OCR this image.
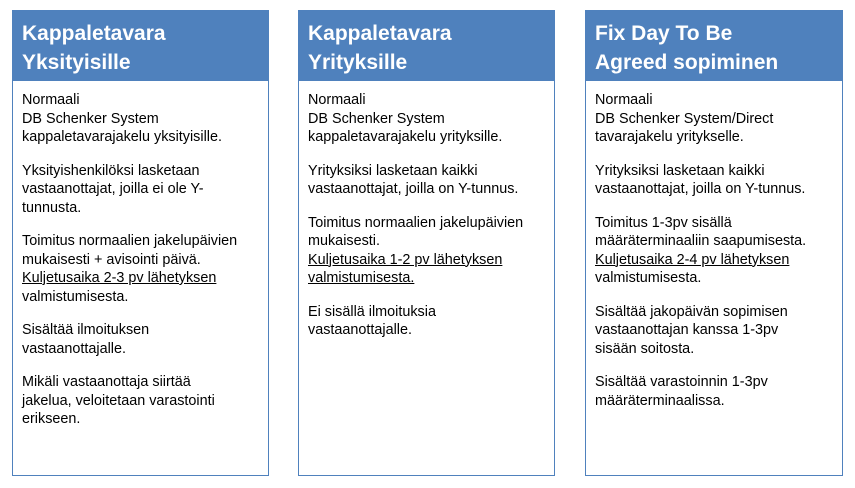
Kappaletavara
Yksityisille

Normaali
DB Schenker System
kappaletavarajakelu yksityisille.

Yksityishenkilöksi lasketaan
vastaanottajat, joilla ei ole Y-
tunnusta.

Toimitus normaalien jakelupäivien
mukaisesti + avisointi päivä.
Kuljetusaika 2-3 pv lähetyksen
valmistumisesta.

Sisältää ilmoituksen
vastaanottajalle.

Mikäli vastaanottaja siirtää
jakelua, veloitetaan varastointi
erikseen.

Kappaletavara
Yrityksille

Normaali
DB Schenker System
kappaletavarajakelu yrityksille.

Yrityksiksi lasketaan kaikki
vastaanottajat, joilla on Y-tunnus.

Toimitus normaalien jakelupäivien
mukaisesti.
Kuljetusaika 1-2 pv lähetyksen
valmistumisesta.

Ei sisällä ilmoituksia
vastaanottajalle.

Fix Day To Be
Agreed sopiminen

Normaali
DB Schenker System/Direct
tavarajakelu yritykselle.

Yrityksiksi lasketaan kaikki
vastaanottajat, joilla on Y-tunnus.

Toimitus 1-3pv sisällä
määräterminaaliin saapumisesta.
Kuljetusaika 2-4 pv lähetyksen
valmistumisesta.

Sisältää jakopäivän sopimisen
vastaanottajan kanssa 1-3pv
sisään soitosta.

Sisältää varastoinnin 1-3pv
määräterminaalissa.
